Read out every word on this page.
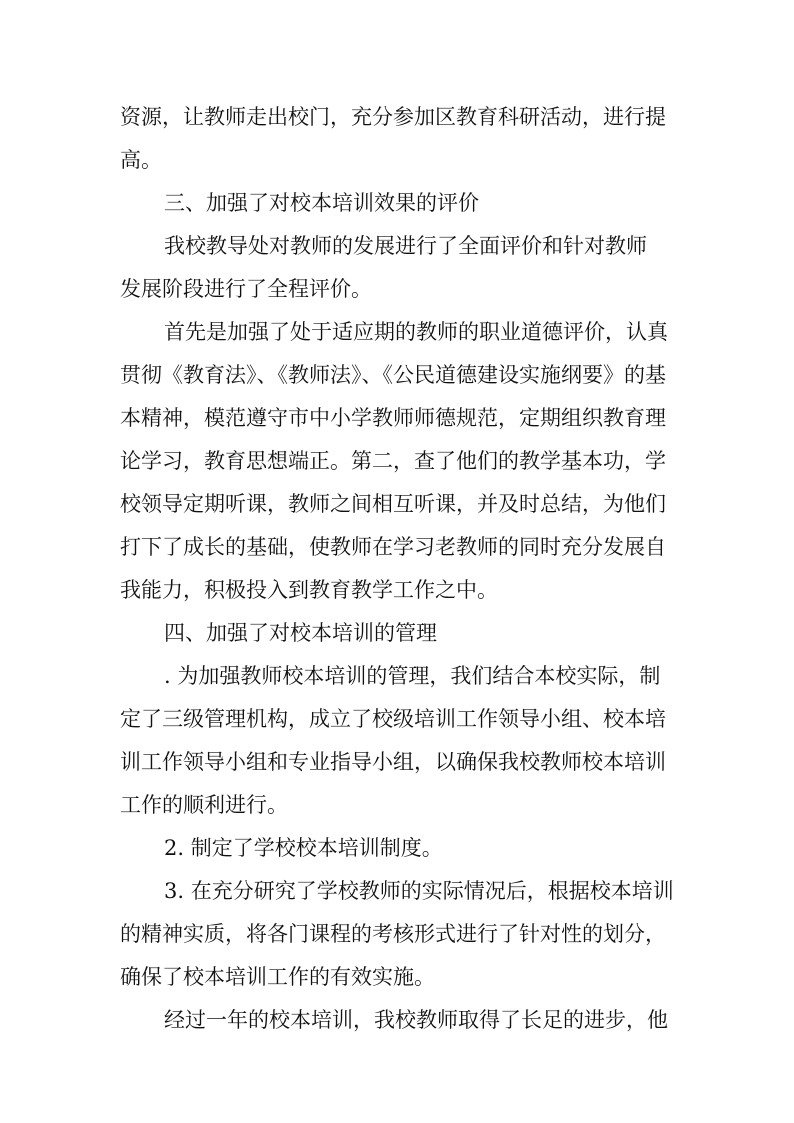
资源，让教师走出校门，充分参加区教育科研活动，进行提
高。
三、加强了对校本培训效果的评价
我校教导处对教师的发展进行了全面评价和针对教师
发展阶段进行了全程评价。
首先是加强了处于适应期的教师的职业道德评价，认真
贯彻《教育法》、《教师法》、《公民道德建设实施纲要》的基
本精神，模范遵守市中小学教师师德规范，定期组织教育理
论学习，教育思想端正。第二，查了他们的教学基本功，学
校领导定期听课，教师之间相互听课，并及时总结，为他们
打下了成长的基础，使教师在学习老教师的同时充分发展自
我能力，积极投入到教育教学工作之中。
四、加强了对校本培训的管理
. 为加强教师校本培训的管理，我们结合本校实际，制
定了三级管理机构，成立了校级培训工作领导小组、校本培
训工作领导小组和专业指导小组，以确保我校教师校本培训
工作的顺利进行。
2. 制定了学校校本培训制度。
3. 在充分研究了学校教师的实际情况后，根据校本培训
的精神实质，将各门课程的考核形式进行了针对性的划分，
确保了校本培训工作的有效实施。
经过一年的校本培训，我校教师取得了长足的进步，他
